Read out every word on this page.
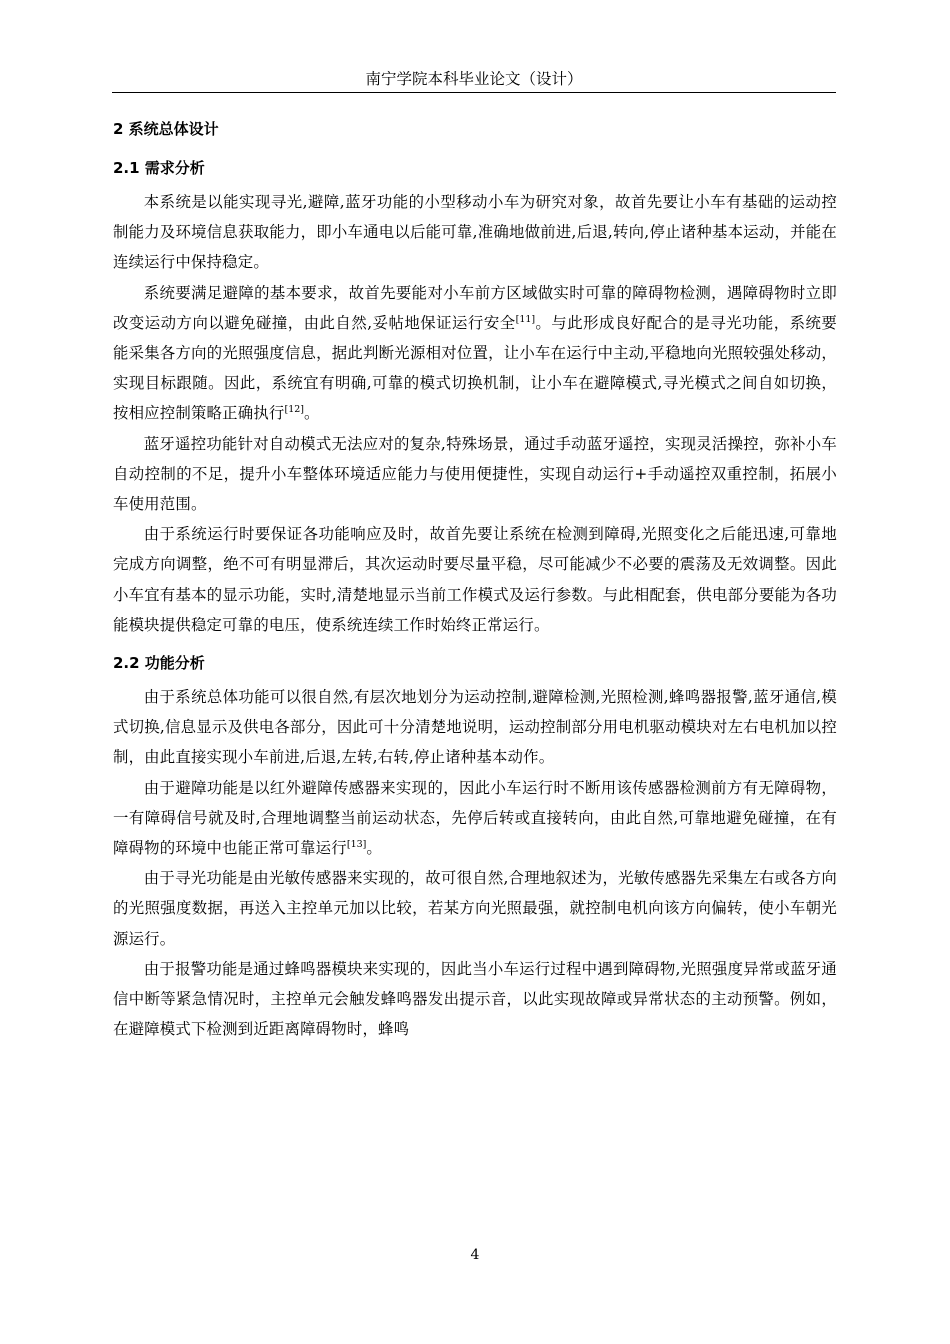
南宁学院本科毕业论文（设计）
2 系统总体设计
2.1 需求分析

本系统是以能实现寻光,避障,蓝牙功能的小型移动小车为研究对象，故首先要让小车有基础的运动控制能力及环境信息获取能力，即小车通电以后能可靠,准确地做前进,后退,转向,停止诸种基本运动，并能在连续运行中保持稳定。

系统要满足避障的基本要求，故首先要能对小车前方区域做实时可靠的障碍物检测，遇障碍物时立即改变运动方向以避免碰撞，由此自然,妥帖地保证运行安全[11]。与此形成良好配合的是寻光功能，系统要能采集各方向的光照强度信息，据此判断光源相对位置，让小车在运行中主动,平稳地向光照较强处移动，实现目标跟随。因此，系统宜有明确,可靠的模式切换机制，让小车在避障模式,寻光模式之间自如切换，按相应控制策略正确执行[12]。

蓝牙遥控功能针对自动模式无法应对的复杂,特殊场景，通过手动蓝牙遥控，实现灵活操控，弥补小车自动控制的不足，提升小车整体环境适应能力与使用便捷性，实现自动运行+手动遥控双重控制，拓展小车使用范围。

由于系统运行时要保证各功能响应及时，故首先要让系统在检测到障碍,光照变化之后能迅速,可靠地完成方向调整，绝不可有明显滞后，其次运动时要尽量平稳，尽可能减少不必要的震荡及无效调整。因此小车宜有基本的显示功能，实时,清楚地显示当前工作模式及运行参数。与此相配套，供电部分要能为各功能模块提供稳定可靠的电压，使系统连续工作时始终正常运行。

2.2 功能分析

由于系统总体功能可以很自然,有层次地划分为运动控制,避障检测,光照检测,蜂鸣器报警,蓝牙通信,模式切换,信息显示及供电各部分，因此可十分清楚地说明，运动控制部分用电机驱动模块对左右电机加以控制，由此直接实现小车前进,后退,左转,右转,停止诸种基本动作。

由于避障功能是以红外避障传感器来实现的，因此小车运行时不断用该传感器检测前方有无障碍物，一有障碍信号就及时,合理地调整当前运动状态，先停后转或直接转向，由此自然,可靠地避免碰撞，在有障碍物的环境中也能正常可靠运行[13]。

由于寻光功能是由光敏传感器来实现的，故可很自然,合理地叙述为，光敏传感器先采集左右或各方向的光照强度数据，再送入主控单元加以比较，若某方向光照最强，就控制电机向该方向偏转，使小车朝光源运行。

由于报警功能是通过蜂鸣器模块来实现的，因此当小车运行过程中遇到障碍物,光照强度异常或蓝牙通信中断等紧急情况时，主控单元会触发蜂鸣器发出提示音，以此实现故障或异常状态的主动预警。例如，在避障模式下检测到近距离障碍物时，蜂鸣

4
